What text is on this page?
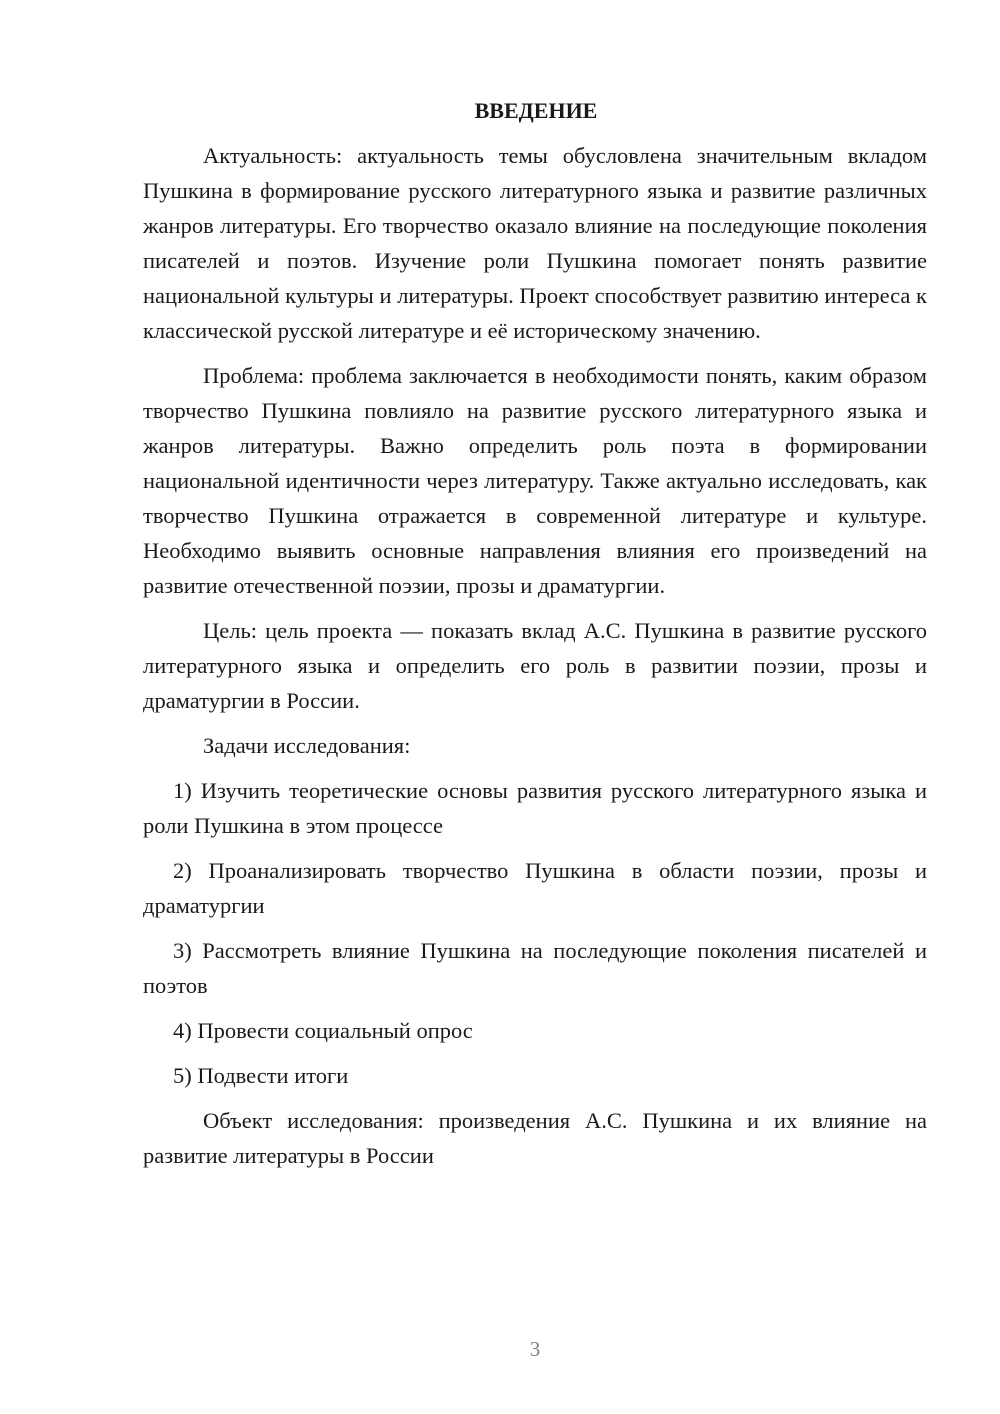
ВВЕДЕНИЕ

Актуальность: актуальность темы обусловлена значительным вкладом Пушкина в формирование русского литературного языка и развитие различных жанров литературы. Его творчество оказало влияние на последующие поколения писателей и поэтов. Изучение роли Пушкина помогает понять развитие национальной культуры и литературы. Проект способствует развитию интереса к классической русской литературе и её историческому значению.

Проблема: проблема заключается в необходимости понять, каким образом творчество Пушкина повлияло на развитие русского литературного языка и жанров литературы. Важно определить роль поэта в формировании национальной идентичности через литературу. Также актуально исследовать, как творчество Пушкина отражается в современной литературе и культуре. Необходимо выявить основные направления влияния его произведений на развитие отечественной поэзии, прозы и драматургии.

Цель: цель проекта — показать вклад А.С. Пушкина в развитие русского литературного языка и определить его роль в развитии поэзии, прозы и драматургии в России.

Задачи исследования:

1) Изучить теоретические основы развития русского литературного языка и роли Пушкина в этом процессе

2) Проанализировать творчество Пушкина в области поэзии, прозы и драматургии

3) Рассмотреть влияние Пушкина на последующие поколения писателей и поэтов

4) Провести социальный опрос

5) Подвести итоги

Объект исследования: произведения А.С. Пушкина и их влияние на развитие литературы в России

3
